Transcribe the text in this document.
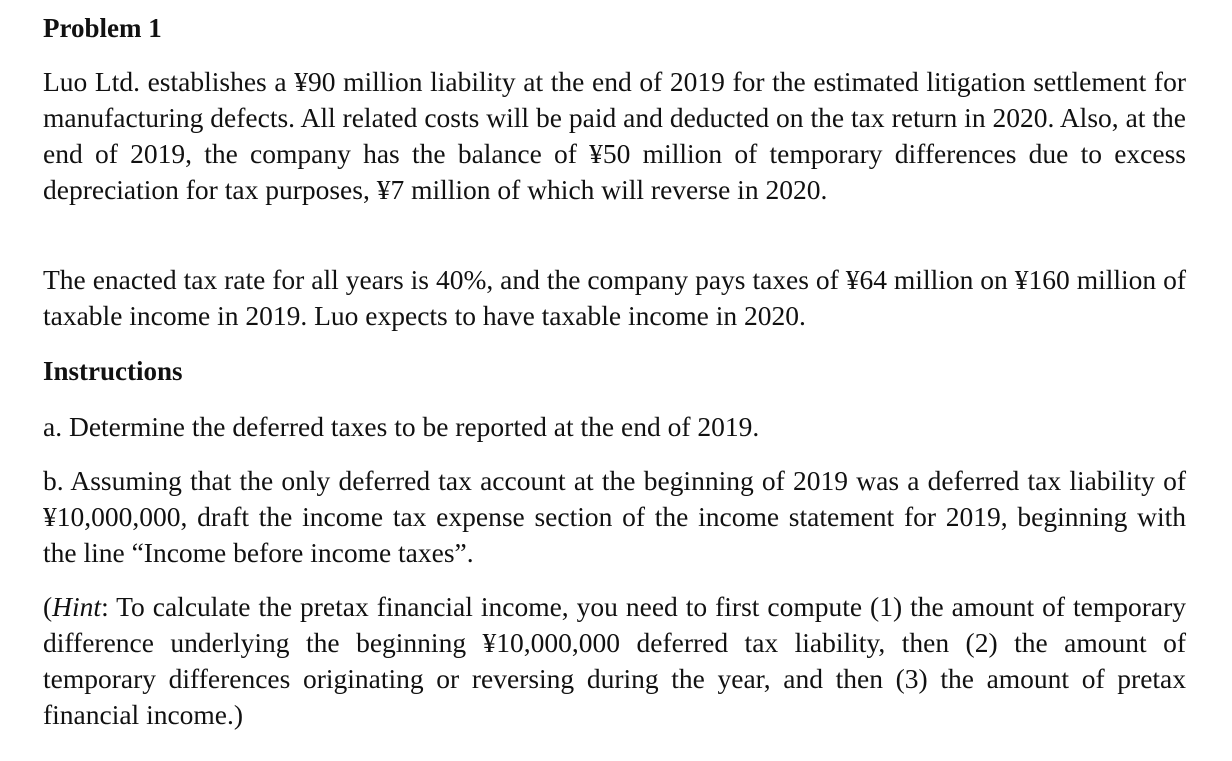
Problem 1

Luo Ltd. establishes a ¥90 million liability at the end of 2019 for the estimated litigation settlement for manufacturing defects. All related costs will be paid and deducted on the tax return in 2020. Also, at the end of 2019, the company has the balance of ¥50 million of temporary differences due to excess depreciation for tax purposes, ¥7 million of which will reverse in 2020.

The enacted tax rate for all years is 40%, and the company pays taxes of ¥64 million on ¥160 million of taxable income in 2019. Luo expects to have taxable income in 2020.

Instructions

a. Determine the deferred taxes to be reported at the end of 2019.

b. Assuming that the only deferred tax account at the beginning of 2019 was a deferred tax liability of ¥10,000,000, draft the income tax expense section of the income statement for 2019, beginning with the line “Income before income taxes”.

(Hint: To calculate the pretax financial income, you need to first compute (1) the amount of temporary difference underlying the beginning ¥10,000,000 deferred tax liability, then (2) the amount of temporary differences originating or reversing during the year, and then (3) the amount of pretax financial income.)
